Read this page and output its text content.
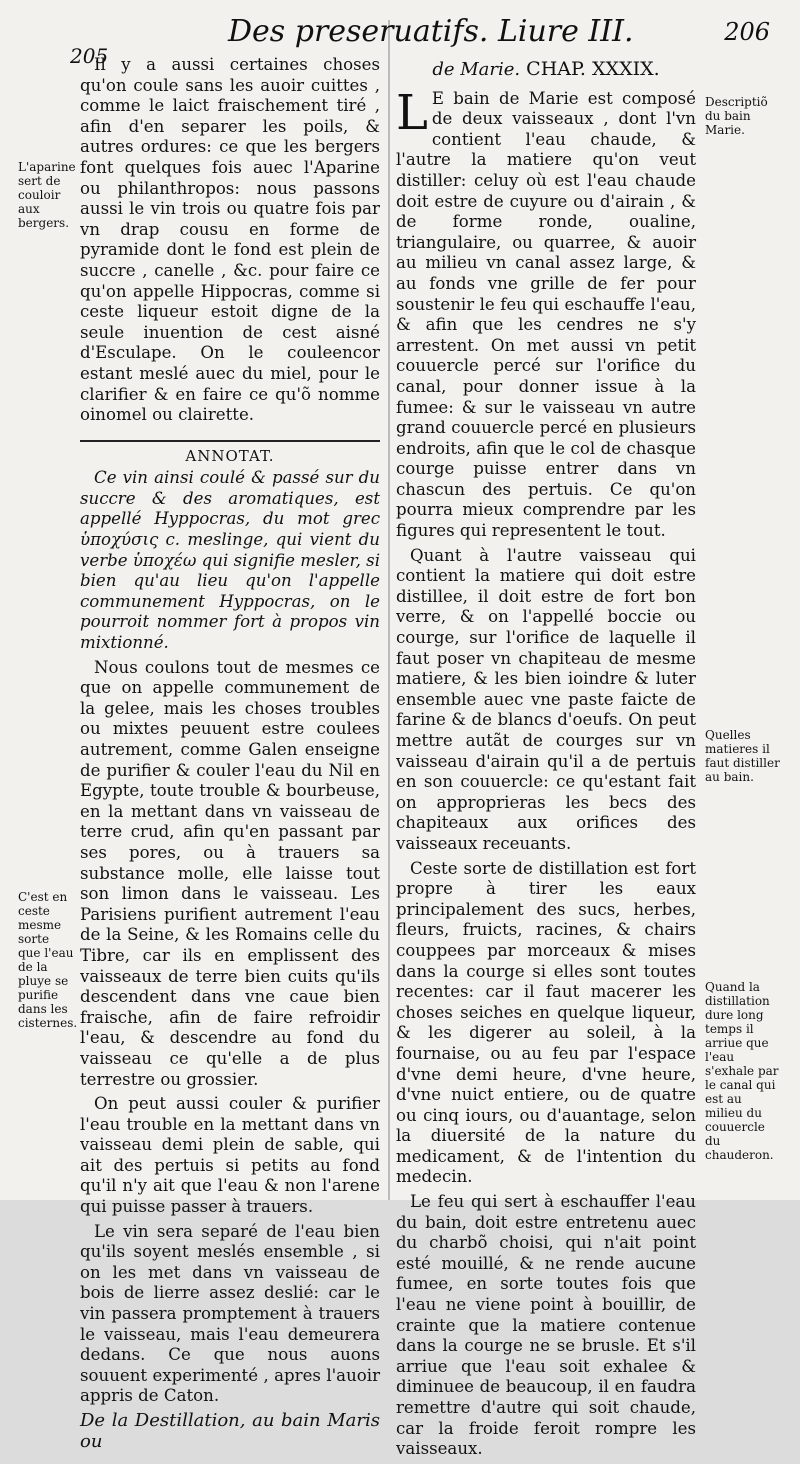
205
Des preseruatifs. Liure III.	206

Il y a aussi certaines choses qu'on coule sans les auoir cuittes , comme le laict fraischement tiré , afin d'en separer les poils, & autres ordures: ce que les bergers font quelques fois auec l'Aparine ou philanthropos: nous passons aussi le vin trois ou quatre fois par vn drap cousu en forme de pyramide dont le fond est plein de succre , canelle , &c. pour faire ce qu'on appelle Hippocras, comme si ceste liqueur estoit digne de la seule inuention de cest aisné d'Esculape. On le couleencor estant meslé auec du miel, pour le clarifier & en faire ce qu'õ nomme oinomel ou clairette.

ANNOTAT.

Ce vin ainsi coulé & passé sur du succre & des aromatiques, est appellé Hyppocras, du mot grec ὑποχύσις c. meslinge, qui vient du verbe ὑποχέω qui signifie mesler, si bien qu'au lieu qu'on l'appelle communement Hyppocras, on le pourroit nommer fort à propos vin mixtionné.

Nous coulons tout de mesmes ce que on appelle communement de la gelee, mais les choses troubles ou mixtes peuuent estre coulees autrement, comme Galen enseigne de purifier & couler l'eau du Nil en Egypte, toute trouble & bourbeuse, en la mettant dans vn vaisseau de terre crud, afin qu'en passant par ses pores, ou à trauers sa substance molle, elle laisse tout son limon dans le vaisseau. Les Parisiens purifient autrement l'eau de la Seine, & les Romains celle du Tibre, car ils en emplissent des vaisseaux de terre bien cuits qu'ils descendent dans vne caue bien fraische, afin de faire refroidir l'eau, & descendre au fond du vaisseau ce qu'elle a de plus terrestre ou grossier.

On peut aussi couler & purifier l'eau trouble en la mettant dans vn vaisseau demi plein de sable, qui ait des pertuis si petits au fond qu'il n'y ait que l'eau & non l'arene qui puisse passer à trauers.

Le vin sera separé de l'eau bien qu'ils soyent meslés ensemble , si on les met dans vn vaisseau de bois de lierre assez deslié: car le vin passera promptement à trauers le vaisseau, mais l'eau demeurera dedans. Ce que nous auons souuent experimenté , apres l'auoir appris de Caton.

De la Destillation, au bain Maris ou

de Marie. CHAP. XXXIX.

L E bain de Marie est composé de deux vaisseaux , dont l'vn contient l'eau chaude, & l'autre la matiere qu'on veut distiller: celuy où est l'eau chaude doit estre de cuyure ou d'airain , & de forme ronde, oualine, triangulaire, ou quarree, & auoir au milieu vn canal assez large, & au fonds vne grille de fer pour soustenir le feu qui eschauffe l'eau, & afin que les cendres ne s'y arrestent. On met aussi vn petit couuercle percé sur l'orifice du canal, pour donner issue à la fumee: & sur le vaisseau vn autre grand couuercle percé en plusieurs endroits, afin que le col de chasque courge puisse entrer dans vn chascun des pertuis. Ce qu'on pourra mieux comprendre par les figures qui representent le tout.

Quant à l'autre vaisseau qui contient la matiere qui doit estre distillee, il doit estre de fort bon verre, & on l'appellé boccie ou courge, sur l'orifice de laquelle il faut poser vn chapiteau de mesme matiere, & les bien ioindre & luter ensemble auec vne paste faicte de farine & de blancs d'oeufs. On peut mettre autãt de courges sur vn vaisseau d'airain qu'il a de pertuis en son couuercle: ce qu'estant fait on approprieras les becs des chapiteaux aux orifices des vaisseaux receuants.

Ceste sorte de distillation est fort propre à tirer les eaux principalement des sucs, herbes, fleurs, fruicts, racines, & chairs couppees par morceaux & mises dans la courge si elles sont toutes recentes: car il faut macerer les choses seiches en quelque liqueur, & les digerer au soleil, à la fournaise, ou au feu par l'espace d'vne demi heure, d'vne heure, d'vne nuict entiere, ou de quatre ou cinq iours, ou d'auantage, selon la diuersité de la nature du medicament, & de l'intention du medecin.

Le feu qui sert à eschauffer l'eau du bain, doit estre entretenu auec du charbõ choisi, qui n'ait point esté mouillé, & ne rende aucune fumee, en sorte toutes fois que l'eau ne viene point à bouillir, de crainte que la matiere contenue dans la courge ne se brusle. Et s'il arriue que l'eau soit exhalee & diminuee de beaucoup, il en faudra remettre d'autre qui soit chaude, car la froide feroit rompre les vaisseaux.

L'aparine sert de couloir aux bergers.
C'est en ceste mesme sorte que l'eau de la pluye se purifie dans les cisternes.
Descriptiõ du bain Marie.
Quelles matieres il faut distiller au bain.
Quand la distillation dure long temps il arriue que l'eau s'exhale par le canal qui est au milieu du couuercle du chauderon.
